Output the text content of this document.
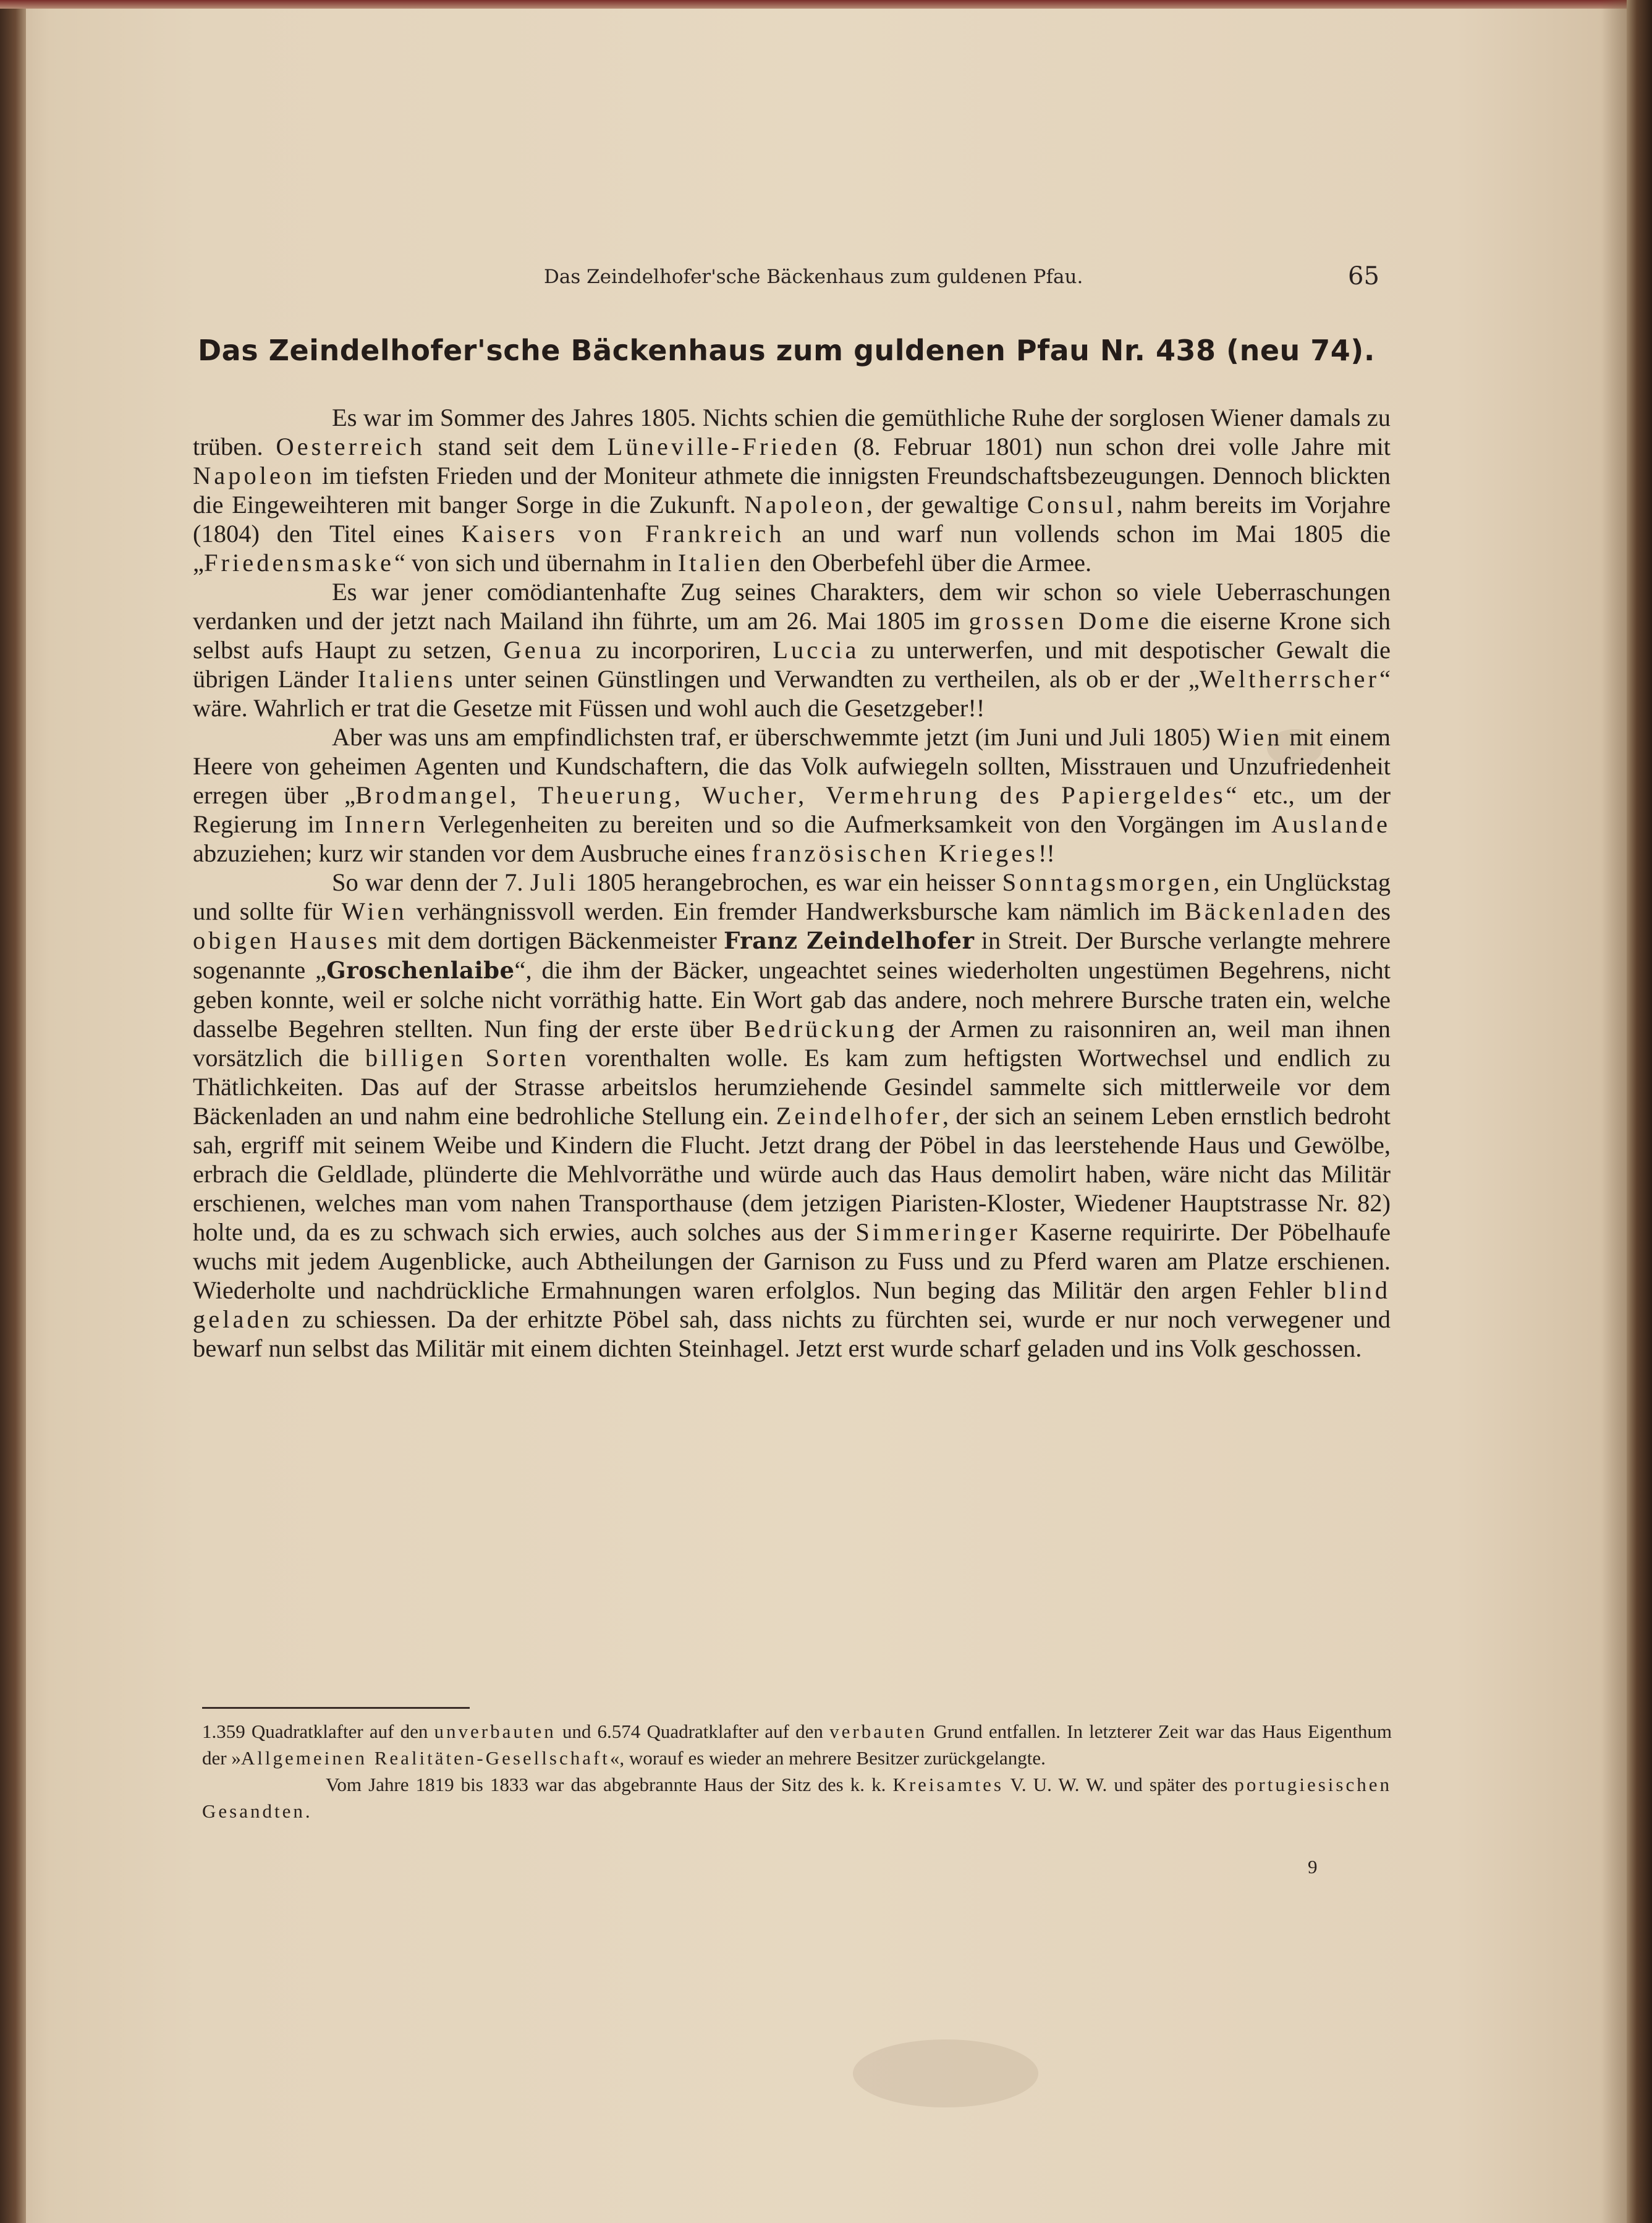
Das Zeindelhofer'sche Bäckenhaus zum guldenen Pfau.	65
Das Zeindelhofer'sche Bäckenhaus zum guldenen Pfau Nr. 438 (neu 74).

Es war im Sommer des Jahres 1805. Nichts schien die gemüthliche Ruhe der sorglosen Wiener damals zu trüben. Oesterreich stand seit dem Lüneville-Frieden (8. Februar 1801) nun schon drei volle Jahre mit Napoleon im tiefsten Frieden und der Moniteur athmete die innigsten Freundschaftsbezeugungen. Dennoch blickten die Eingeweihteren mit banger Sorge in die Zukunft. Napoleon, der gewaltige Consul, nahm bereits im Vorjahre (1804) den Titel eines Kaisers von Frankreich an und warf nun vollends schon im Mai 1805 die „Friedensmaske“ von sich und übernahm in Italien den Oberbefehl über die Armee.

Es war jener comödiantenhafte Zug seines Charakters, dem wir schon so viele Ueberraschungen verdanken und der jetzt nach Mailand ihn führte, um am 26. Mai 1805 im grossen Dome die eiserne Krone sich selbst aufs Haupt zu setzen, Genua zu incorporiren, Luccia zu unterwerfen, und mit despotischer Gewalt die übrigen Länder Italiens unter seinen Günstlingen und Verwandten zu vertheilen, als ob er der „Weltherrscher“ wäre. Wahrlich er trat die Gesetze mit Füssen und wohl auch die Gesetzgeber!!

Aber was uns am empfindlichsten traf, er überschwemmte jetzt (im Juni und Juli 1805) Wien mit einem Heere von geheimen Agenten und Kundschaftern, die das Volk aufwiegeln sollten, Misstrauen und Unzufriedenheit erregen über „Brodmangel, Theuerung, Wucher, Vermehrung des Papiergeldes“ etc., um der Regierung im Innern Verlegenheiten zu bereiten und so die Aufmerksamkeit von den Vorgängen im Auslande abzuziehen; kurz wir standen vor dem Ausbruche eines französischen Krieges!!

So war denn der 7. Juli 1805 herangebrochen, es war ein heisser Sonntagsmorgen, ein Unglückstag und sollte für Wien verhängnissvoll werden. Ein fremder Handwerksbursche kam nämlich im Bäckenladen des obigen Hauses mit dem dortigen Bäckenmeister Franz Zeindelhofer in Streit. Der Bursche verlangte mehrere sogenannte „Groschenlaibe“, die ihm der Bäcker, ungeachtet seines wiederholten ungestümen Begehrens, nicht geben konnte, weil er solche nicht vorräthig hatte. Ein Wort gab das andere, noch mehrere Bursche traten ein, welche dasselbe Begehren stellten. Nun fing der erste über Bedrückung der Armen zu raisonniren an, weil man ihnen vorsätzlich die billigen Sorten vorenthalten wolle. Es kam zum heftigsten Wortwechsel und endlich zu Thätlichkeiten. Das auf der Strasse arbeitslos herumziehende Gesindel sammelte sich mittlerweile vor dem Bäckenladen an und nahm eine bedrohliche Stellung ein. Zeindelhofer, der sich an seinem Leben ernstlich bedroht sah, ergriff mit seinem Weibe und Kindern die Flucht. Jetzt drang der Pöbel in das leerstehende Haus und Gewölbe, erbrach die Geldlade, plünderte die Mehlvorräthe und würde auch das Haus demolirt haben, wäre nicht das Militär erschienen, welches man vom nahen Transporthause (dem jetzigen Piaristen-Kloster, Wiedener Hauptstrasse Nr. 82) holte und, da es zu schwach sich erwies, auch solches aus der Simmeringer Kaserne requirirte. Der Pöbelhaufe wuchs mit jedem Augenblicke, auch Abtheilungen der Garnison zu Fuss und zu Pferd waren am Platze erschienen. Wiederholte und nachdrückliche Ermahnungen waren erfolglos. Nun beging das Militär den argen Fehler blind geladen zu schiessen. Da der erhitzte Pöbel sah, dass nichts zu fürchten sei, wurde er nur noch verwegener und bewarf nun selbst das Militär mit einem dichten Steinhagel. Jetzt erst wurde scharf geladen und ins Volk geschossen.

1.359 Quadratklafter auf den unverbauten und 6.574 Quadratklafter auf den verbauten Grund entfallen. In letzterer Zeit war das Haus Eigenthum der »Allgemeinen Realitäten-Gesellschaft«, worauf es wieder an mehrere Besitzer zurückgelangte.

Vom Jahre 1819 bis 1833 war das abgebrannte Haus der Sitz des k. k. Kreisamtes V. U. W. W. und später des portugiesischen Gesandten.

9
